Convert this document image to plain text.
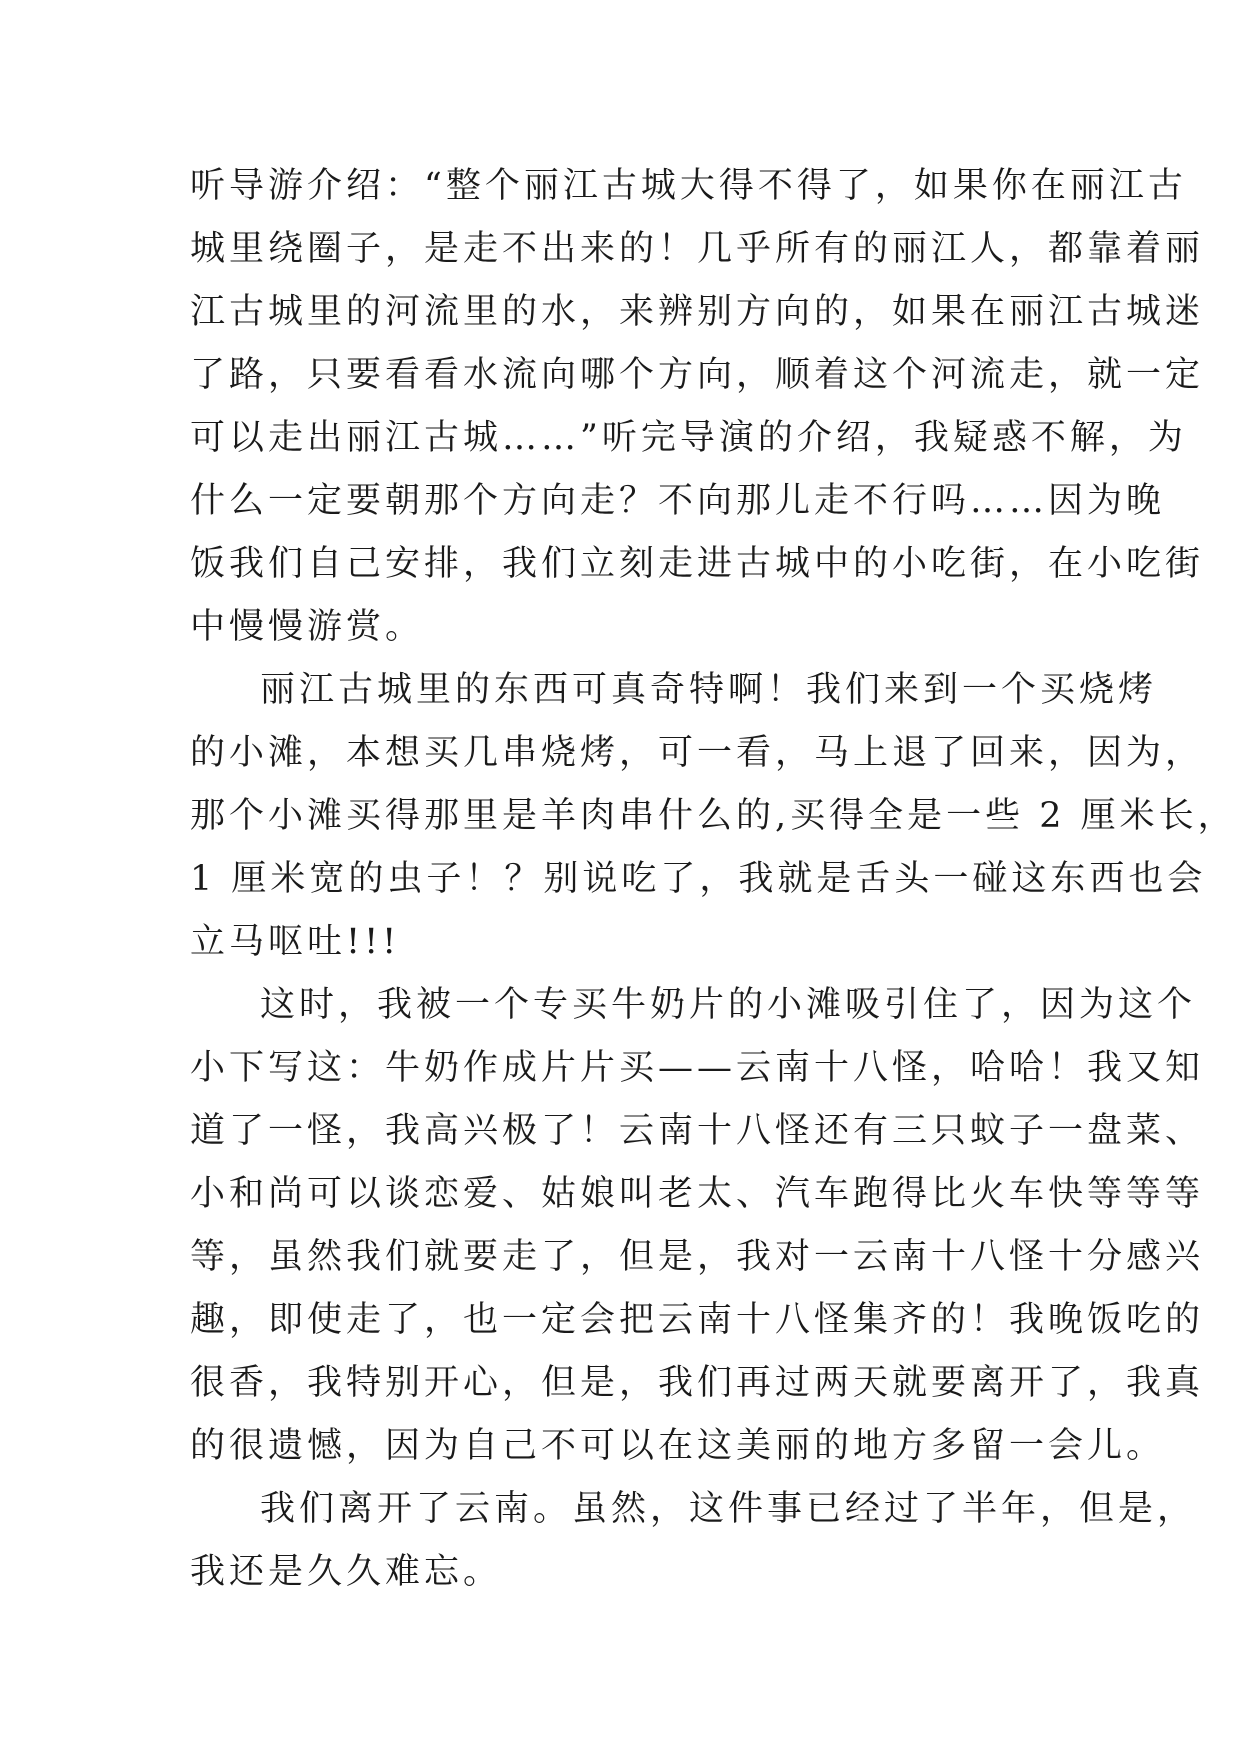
听导游介绍：“整个丽江古城大得不得了，如果你在丽江古
城里绕圈子，是走不出来的！几乎所有的丽江人，都靠着丽
江古城里的河流里的水，来辨别方向的，如果在丽江古城迷
了路，只要看看水流向哪个方向，顺着这个河流走，就一定
可以走出丽江古城……”听完导演的介绍，我疑惑不解，为
什么一定要朝那个方向走？不向那儿走不行吗……因为晚
饭我们自己安排，我们立刻走进古城中的小吃街，在小吃街
中慢慢游赏。
丽江古城里的东西可真奇特啊！我们来到一个买烧烤
的小滩，本想买几串烧烤，可一看，马上退了回来，因为，
那个小滩买得那里是羊肉串什么的,买得全是一些 2 厘米长，
1 厘米宽的虫子！？别说吃了，我就是舌头一碰这东西也会
立马呕吐!!!
这时，我被一个专买牛奶片的小滩吸引住了，因为这个
小下写这：牛奶作成片片买——云南十八怪，哈哈！我又知
道了一怪，我高兴极了！云南十八怪还有三只蚊子一盘菜、
小和尚可以谈恋爱、姑娘叫老太、汽车跑得比火车快等等等
等，虽然我们就要走了，但是，我对一云南十八怪十分感兴
趣，即使走了，也一定会把云南十八怪集齐的！我晚饭吃的
很香，我特别开心，但是，我们再过两天就要离开了，我真
的很遗憾，因为自己不可以在这美丽的地方多留一会儿。
我们离开了云南。虽然，这件事已经过了半年，但是，
我还是久久难忘。
